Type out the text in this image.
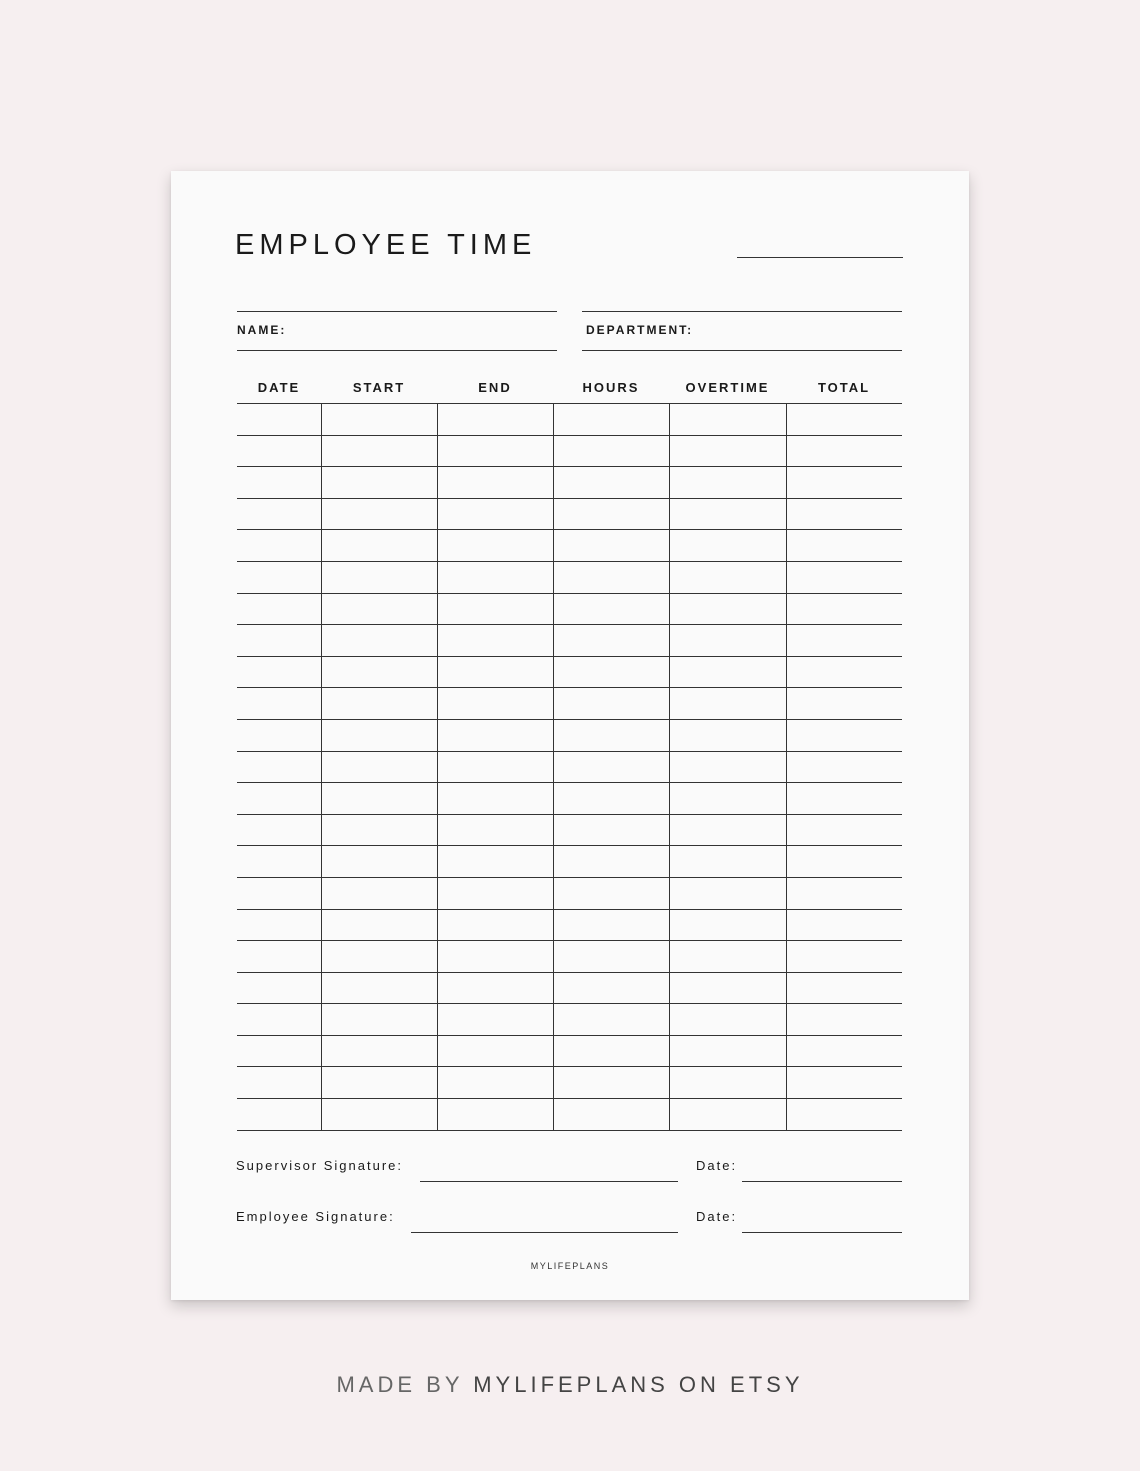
EMPLOYEE TIME
NAME:	DEPARTMENT:
DATE	START	END	HOURS	OVERTIME	TOTAL

Supervisor Signature:	Date:
Employee Signature:	Date:
MYLIFEPLANS
MADE BY MYLIFEPLANS ON ETSY
